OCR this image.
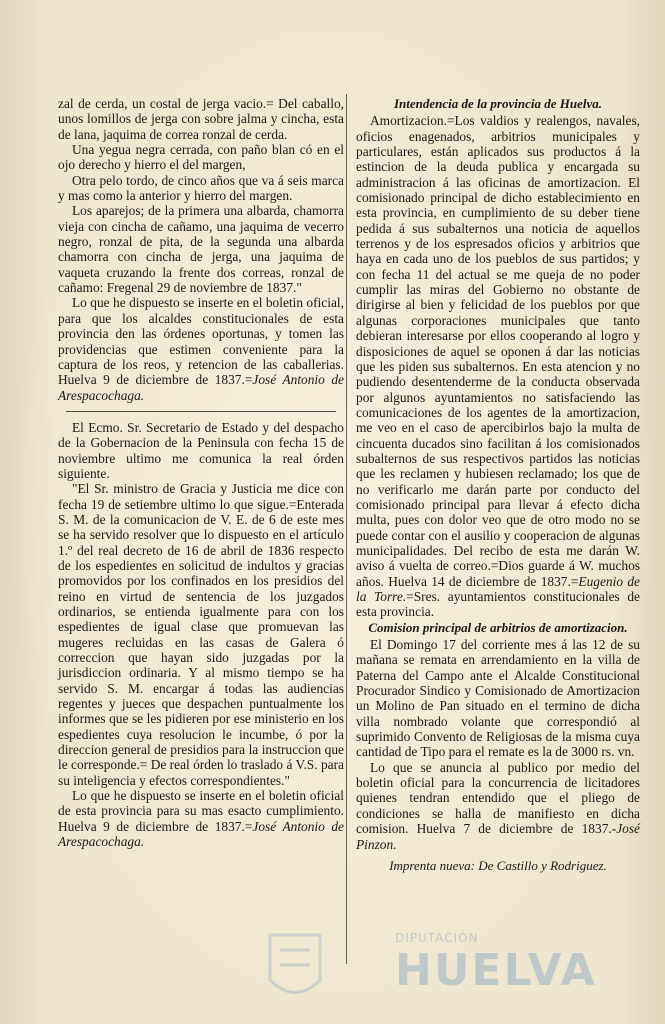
zal de cerda, un costal de jerga vacio.= Del caballo, unos lomillos de jerga con sobre jalma y cincha, esta de lana, jaquima de correa ronzal de cerda.

Una yegua negra cerrada, con paño blan có en el ojo derecho y hierro el del margen,

Otra pelo tordo, de cinco años que va á seis marca y mas como la anterior y hierro del margen.

Los aparejos; de la primera una albarda, chamorra vieja con cincha de cañamo, una jaquima de vecerro negro, ronzal de pita, de la segunda una albarda chamorra con cincha de jerga, una jaquima de vaqueta cruzando la frente dos correas, ronzal de cañamo: Fregenal 29 de noviembre de 1837."

Lo que he dispuesto se inserte en el boletin oficial, para que los alcaldes constitucionales de esta provincia den las órdenes oportunas, y tomen las providencias que estimen conveniente para la captura de los reos, y retencion de las caballerias. Huelva 9 de diciembre de 1837.=José Antonio de Arespacochaga.

El Ecmo. Sr. Secretario de Estado y del despacho de la Gobernacion de la Peninsula con fecha 15 de noviembre ultimo me comunica la real órden siguiente.

"El Sr. ministro de Gracia y Justicia me dice con fecha 19 de setiembre ultimo lo que sigue.=Enterada S. M. de la comunicacion de V. E. de 6 de este mes se ha servido resolver que lo dispuesto en el artículo 1.º del real decreto de 16 de abril de 1836 respecto de los espedientes en solicitud de indultos y gracias promovidos por los confinados en los presidios del reino en virtud de sentencia de los juzgados ordinarios, se entienda igualmente para con los espedientes de igual clase que promuevan las mugeres recluidas en las casas de Galera ó correccion que hayan sido juzgadas por la jurisdiccion ordinaria. Y al mismo tiempo se ha servido S. M. encargar á todas las audiencias regentes y jueces que despachen puntualmente los informes que se les pidieren por ese ministerio en los espedientes cuya resolucion le incumbe, ó por la direccion general de presidios para la instruccion que le corresponde.= De real órden lo traslado á V.S. para su inteligencia y efectos correspondientes."

Lo que he dispuesto se inserte en el boletin oficial de esta provincia para su mas esacto cumplimiento. Huelva 9 de diciembre de 1837.=José Antonio de Arespacochaga.

Intendencia de la provincia de Huelva.

Amortizacion.=Los valdios y realengos, navales, oficios enagenados, arbitrios municipales y particulares, están aplicados sus productos á la estincion de la deuda publica y encargada su administracion á las oficinas de amortizacion. El comisionado principal de dicho establecimiento en esta provincia, en cumplimiento de su deber tiene pedida á sus subalternos una noticia de aquellos terrenos y de los espresados oficios y arbitrios que haya en cada uno de los pueblos de sus partidos; y con fecha 11 del actual se me queja de no poder cumplir las miras del Gobierno no obstante de dirigirse al bien y felicidad de los pueblos por que algunas corporaciones municipales que tanto debieran interesarse por ellos cooperando al logro y disposiciones de aquel se oponen á dar las noticias que les piden sus subalternos. En esta atencion y no pudiendo desentenderme de la conducta observada por algunos ayuntamientos no satisfaciendo las comunicaciones de los agentes de la amortizacion, me veo en el caso de apercibirlos bajo la multa de cincuenta ducados sino facilitan á los comisionados subalternos de sus respectivos partidos las noticias que les reclamen y hubiesen reclamado; los que de no verificarlo me darán parte por conducto del comisionado principal para llevar á efecto dicha multa, pues con dolor veo que de otro modo no se puede contar con el ausilio y cooperacion de algunas municipalidades. Del recibo de esta me darán W. aviso á vuelta de correo.=Dios guarde á W. muchos años. Huelva 14 de diciembre de 1837.=Eugenio de la Torre.=Sres. ayuntamientos constitucionales de esta provincia.

Comision principal de arbitrios de amortizacion.

El Domingo 17 del corriente mes á las 12 de su mañana se remata en arrendamiento en la villa de Paterna del Campo ante el Alcalde Constitucional Procurador Sindico y Comisionado de Amortizacion un Molino de Pan situado en el termino de dicha villa nombrado volante que correspondió al suprimido Convento de Religiosas de la misma cuya cantidad de Tipo para el remate es la de 3000 rs. vn.

Lo que se anuncia al publico por medio del boletin oficial para la concurrencia de licitadores quienes tendran entendido que el pliego de condiciones se halla de manifiesto en dicha comision. Huelva 7 de diciembre de 1837.-José Pinzon.

Imprenta nueva: De Castillo y Rodriguez.

DIPUTACIÓN
HUELVA
